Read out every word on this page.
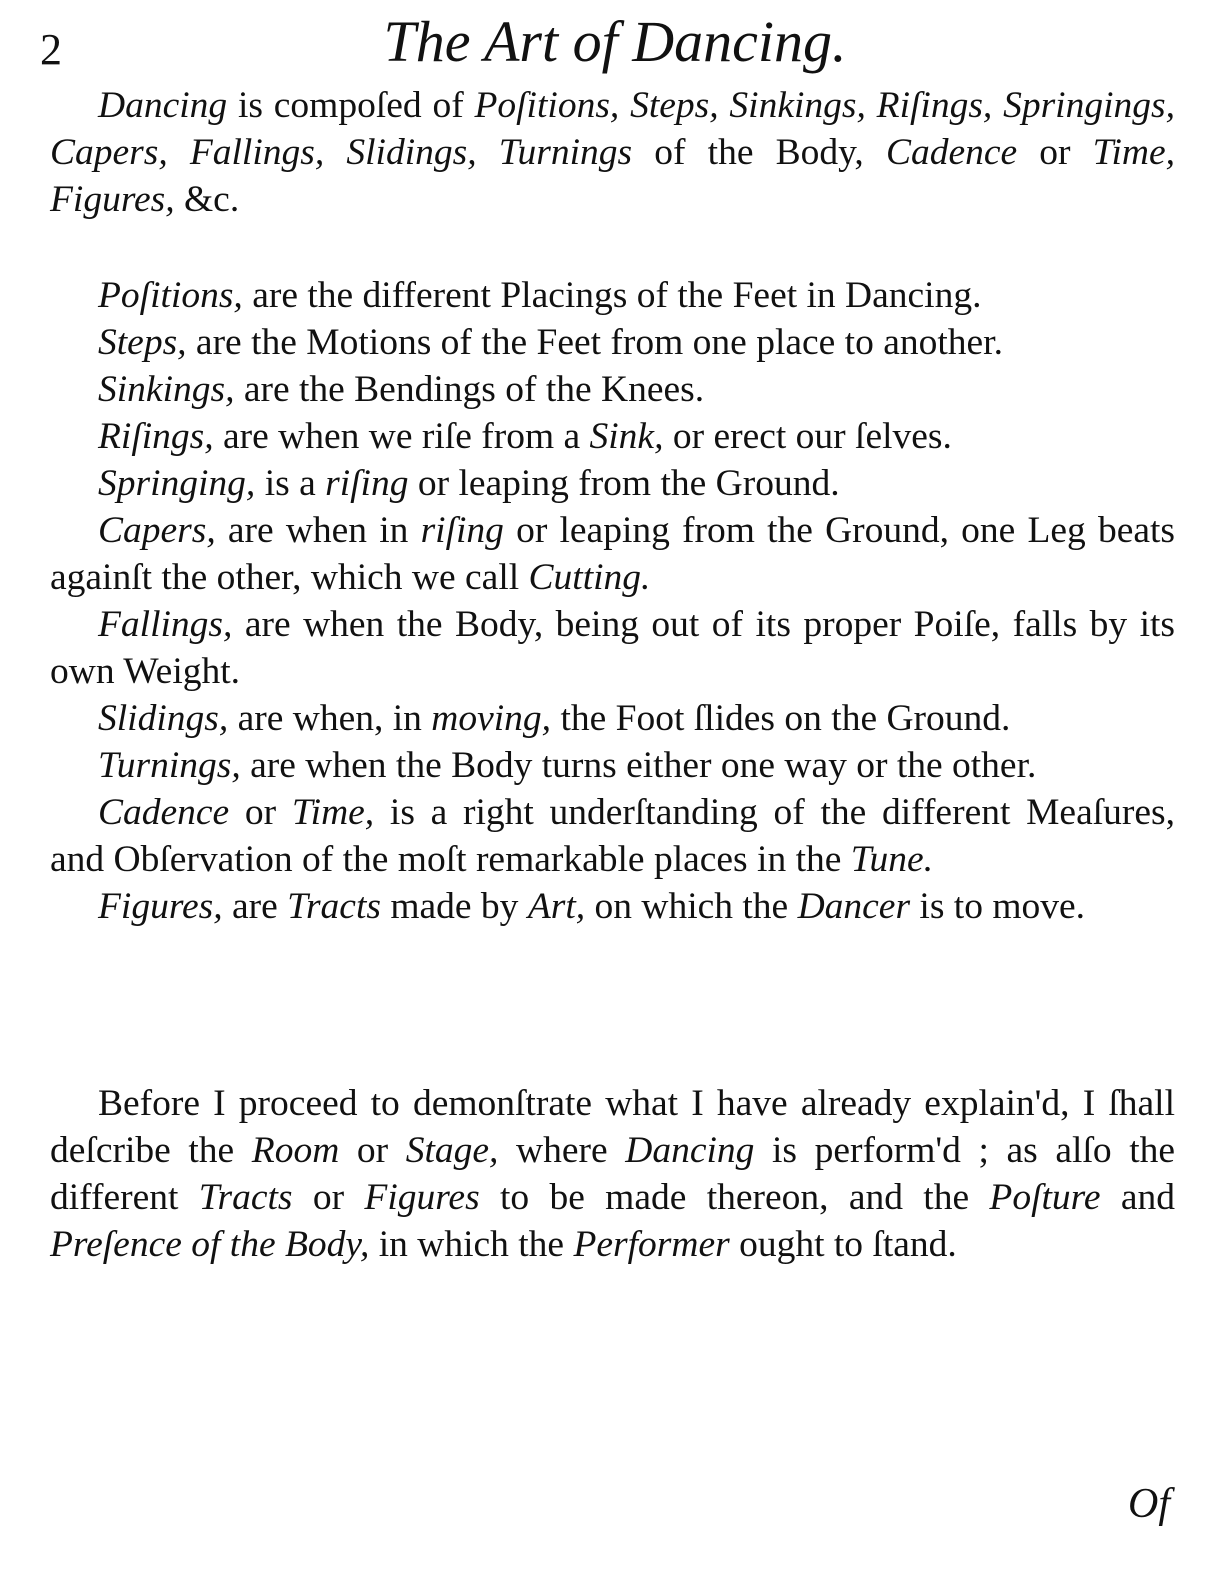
2	The Art of Dancing.

Dancing is compoſed of Poſitions, Steps, Sinkings, Riſings, Springings, Capers, Fallings, Slidings, Turnings of the Body, Cadence or Time, Figures, &c.

Poſitions, are the different Placings of the Feet in Dancing.

Steps, are the Motions of the Feet from one place to another.

Sinkings, are the Bendings of the Knees.

Riſings, are when we riſe from a Sink, or erect our ſelves.

Springing, is a riſing or leaping from the Ground.

Capers, are when in riſing or leaping from the Ground, one Leg beats againſt the other, which we call Cutting.

Fallings, are when the Body, being out of its proper Poiſe, falls by its own Weight.

Slidings, are when, in moving, the Foot ſlides on the Ground.

Turnings, are when the Body turns either one way or the other.

Cadence or Time, is a right underſtanding of the different Meaſures, and Obſervation of the moſt remarkable places in the Tune.

Figures, are Tracts made by Art, on which the Dancer is to move.

Before I proceed to demonſtrate what I have already explain'd, I ſhall deſcribe the Room or Stage, where Dancing is perform'd ; as alſo the different Tracts or Figures to be made thereon, and the Poſture and Preſence of the Body, in which the Performer ought to ſtand.

Of
